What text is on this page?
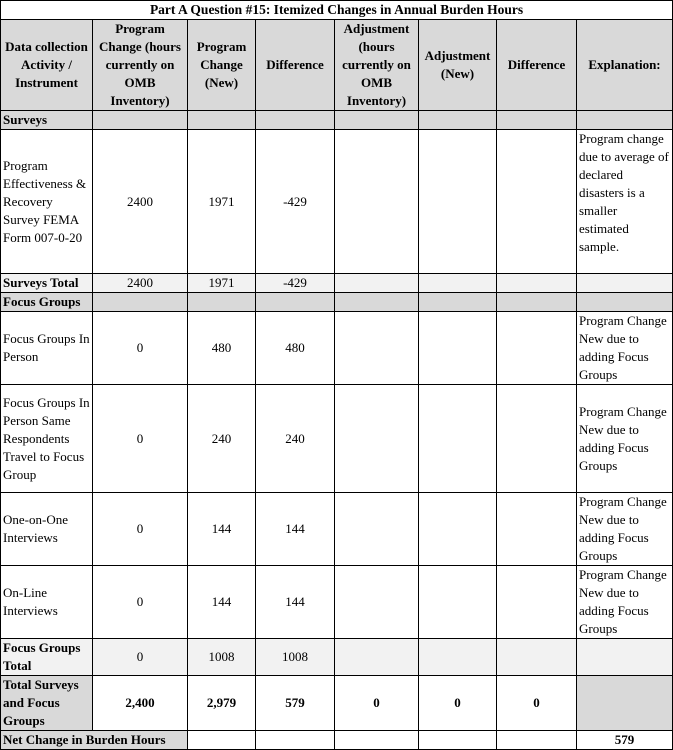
Part A Question #15: Itemized Changes in Annual Burden Hours							
Data collection Activity / Instrument	Program Change (hours currently on OMB Inventory)	Program Change (New)	Difference	Adjustment (hours currently on OMB Inventory)	Adjustment (New)	Difference	Explanation:
Surveys							
Program Effectiveness & Recovery Survey FEMA Form 007-0-20	2400	1971	-429				Program change due to average of declared disasters is a smaller estimated sample.
Surveys Total	2400	1971	-429				
Focus Groups							
Focus Groups In Person	0	480	480				Program Change New due to adding Focus Groups
Focus Groups In Person Same Respondents Travel to Focus Group	0	240	240				Program Change New due to adding Focus Groups
One-on-One Interviews	0	144	144				Program Change New due to adding Focus Groups
On-Line Interviews	0	144	144				Program Change New due to adding Focus Groups
Focus Groups Total	0	1008	1008				
Total Surveys and Focus Groups	2,400	2,979	579	0	0	0	
Net Change in Burden Hours							579
